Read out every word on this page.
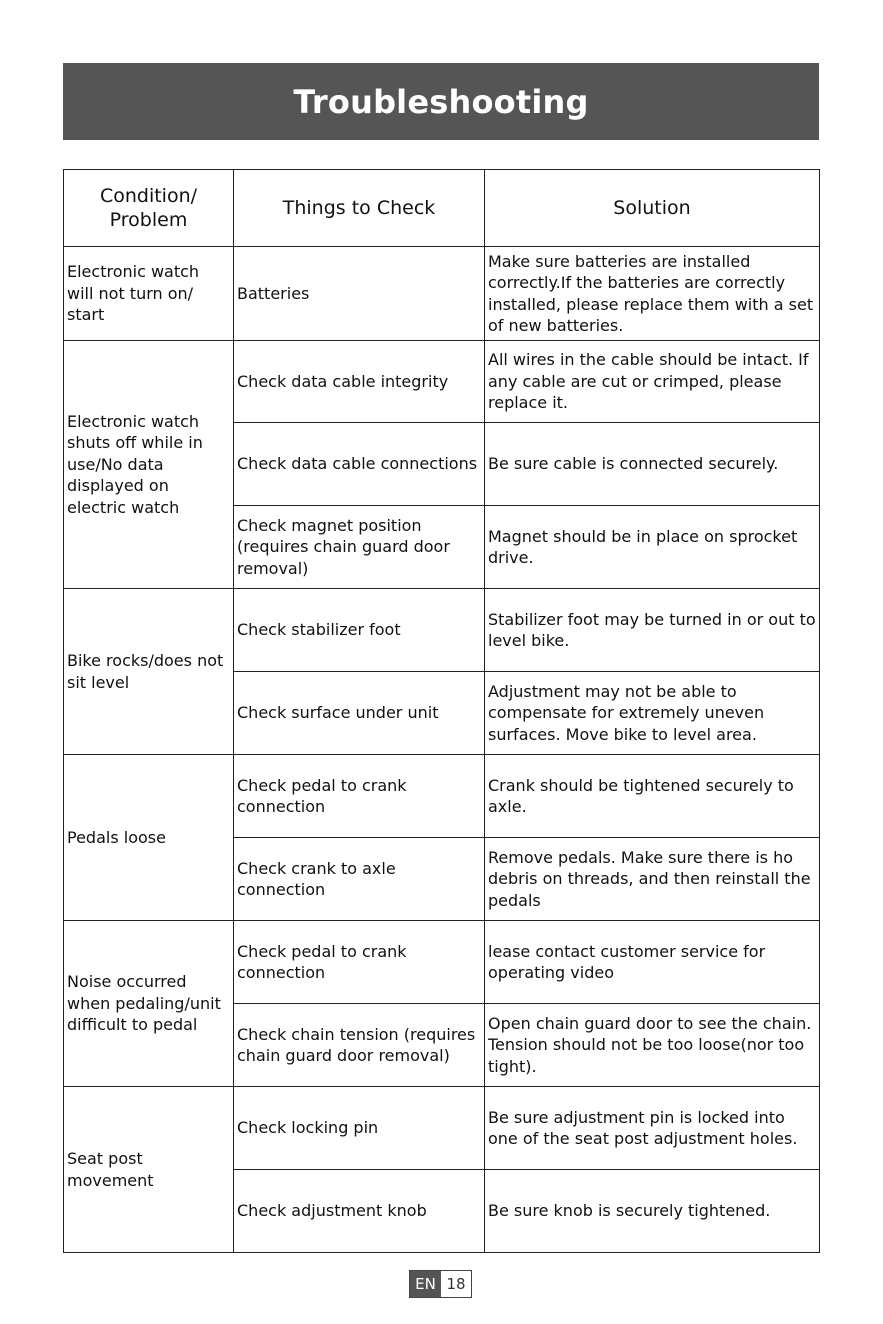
Troubleshooting
Condition/ Problem	Things to Check	Solution
Electronic watch will not turn on/ start	Batteries	Make sure batteries are installed correctly.If the batteries are correctly installed, please replace them with a set of new batteries.
Electronic watch shuts off while in use/No data displayed on electric watch	Check data cable integrity	All wires in the cable should be intact. If any cable are cut or crimped, please replace it.
	Check data cable connections	Be sure cable is connected securely.
	Check magnet position (requires chain guard door removal)	Magnet should be in place on sprocket drive.
Bike rocks/does not sit level	Check stabilizer foot	Stabilizer foot may be turned in or out to level bike.
	Check surface under unit	Adjustment may not be able to compensate for extremely uneven surfaces. Move bike to level area.
Pedals loose	Check pedal to crank connection	Crank should be tightened securely to axle.
	Check crank to axle connection	Remove pedals. Make sure there is ho debris on threads, and then reinstall the pedals
Noise occurred when pedaling/unit difficult to pedal	Check pedal to crank connection	lease contact customer service for operating video
	Check chain tension (requires chain guard door removal)	Open chain guard door to see the chain. Tension should not be too loose(nor too tight).
Seat post movement	Check locking pin	Be sure adjustment pin is locked into one of the seat post adjustment holes.
	Check adjustment knob	Be sure knob is securely tightened.
EN 18
